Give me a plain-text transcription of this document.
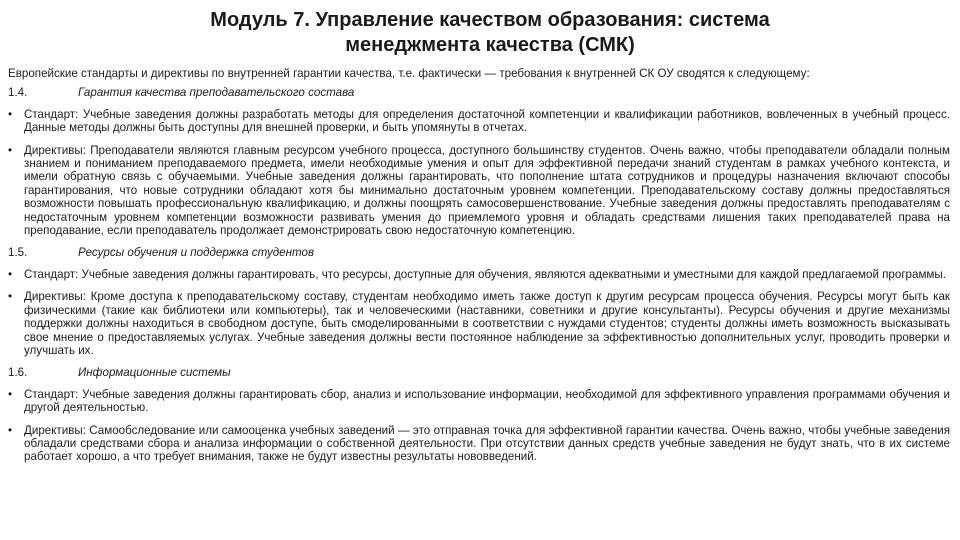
Модуль 7. Управление качеством образования: система
менеджмента качества (СМК)
Европейские стандарты и директивы по внутренней гарантии качества, т.е. фактически — требования к внутренней СК ОУ сводятся к следующему:
1.4.	Гарантия качества преподавательского состава
•	Стандарт: Учебные заведения должны разработать методы для определения достаточной компетенции и квалификации работников, вовлеченных в учебный процесс. Данные методы должны быть доступны для внешней проверки, и быть упомянуты в отчетах.
•	Директивы: Преподаватели являются главным ресурсом учебного процесса, доступного большинству студентов. Очень важно, чтобы преподаватели обладали полным знанием и пониманием преподаваемого предмета, имели необходимые умения и опыт для эффективной передачи знаний студентам в рамках учебного контекста, и имели обратную связь с обучаемыми. Учебные заведения должны гарантировать, что пополнение штата сотрудников и процедуры назначения включают способы гарантирования, что новые сотрудники обладают хотя бы минимально достаточным уровнем компетенции. Преподавательскому составу должны предоставляться возможности повышать профессиональную квалификацию, и должны поощрять самосовершенствование. Учебные заведения должны предоставлять преподавателям с недостаточным уровнем компетенции возможности развивать умения до приемлемого уровня и обладать средствами лишения таких преподавателей права на преподавание, если преподаватель продолжает демонстрировать свою недостаточную компетенцию.
1.5.	Ресурсы обучения и поддержка студентов
•	Стандарт: Учебные заведения должны гарантировать, что ресурсы, доступные для обучения, являются адекватными и уместными для каждой предлагаемой программы.
•	Директивы: Кроме доступа к преподавательскому составу, студентам необходимо иметь также доступ к другим ресурсам процесса обучения. Ресурсы могут быть как физическими (такие как библиотеки или компьютеры), так и человеческими (наставники, советники и другие консультанты). Ресурсы обучения и другие механизмы поддержки должны находиться в свободном доступе, быть смоделированными в соответствии с нуждами студентов; студенты должны иметь возможность высказывать свое мнение о предоставляемых услугах. Учебные заведения должны вести постоянное наблюдение за эффективностью дополнительных услуг, проводить проверки и улучшать их.
1.6.	Информационные системы
•	Стандарт: Учебные заведения должны гарантировать сбор, анализ и использование информации, необходимой для эффективного управления программами обучения и другой деятельностью.
•	Директивы: Самообследование или самооценка учебных заведений — это отправная точка для эффективной гарантии качества. Очень важно, чтобы учебные заведения обладали средствами сбора и анализа информации о собственной деятельности. При отсутствии данных средств учебные заведения не будут знать, что в их системе работает хорошо, а что требует внимания, также не будут известны результаты нововведений.
